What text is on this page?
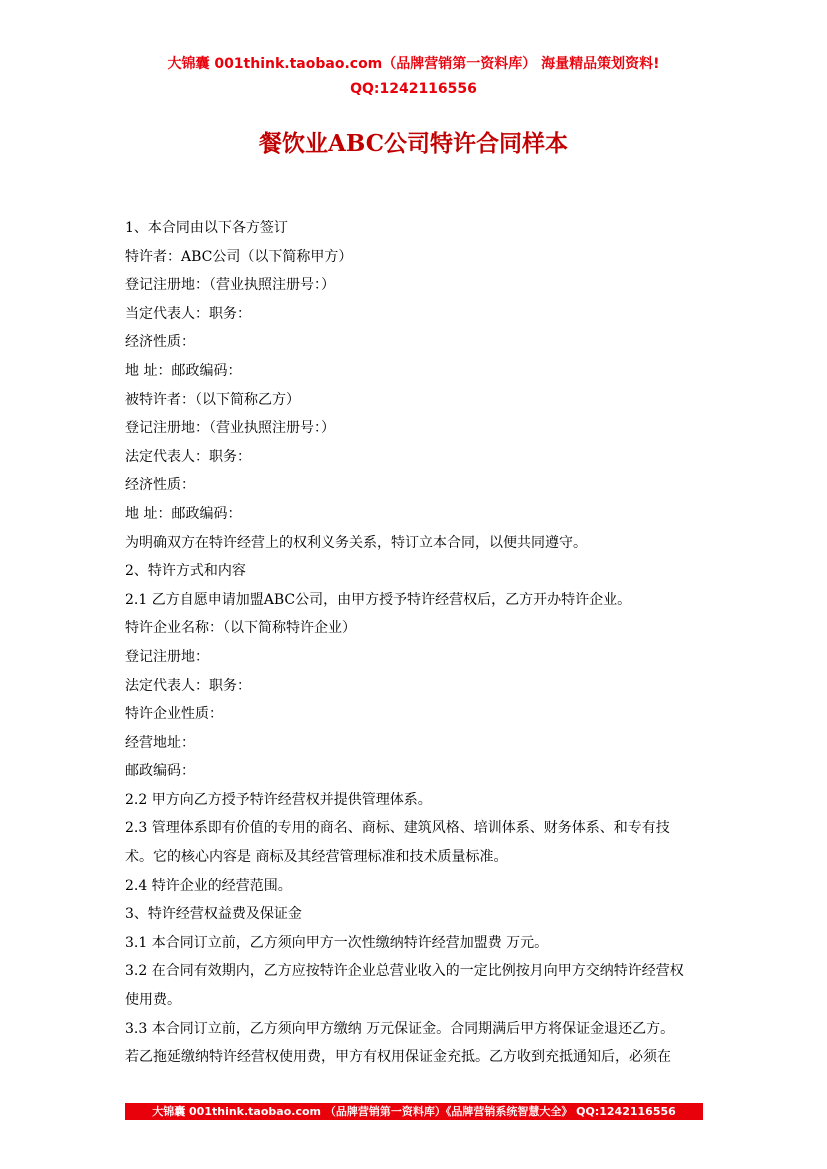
大锦囊 001think.taobao.com（品牌营销第一资料库） 海量精品策划资料!
QQ:1242116556
餐饮业ABC公司特许合同样本

1、本合同由以下各方签订

特许者：ABC公司（以下简称甲方）

登记注册地：（营业执照注册号：）

当定代表人：职务：

经济性质：

地 址：邮政编码：

被特许者：（以下简称乙方）

登记注册地：（营业执照注册号：）

法定代表人：职务：

经济性质：

地 址：邮政编码：

为明确双方在特许经营上的权利义务关系，特订立本合同，以便共同遵守。

2、特许方式和内容

2.1 乙方自愿申请加盟ABC公司，由甲方授予特许经营权后，乙方开办特许企业。

特许企业名称：（以下简称特许企业）

登记注册地：

法定代表人：职务：

特许企业性质：

经营地址：

邮政编码：

2.2 甲方向乙方授予特许经营权并提供管理体系。

2.3 管理体系即有价值的专用的商名、商标、建筑风格、培训体系、财务体系、和专有技

术。它的核心内容是 商标及其经营管理标准和技术质量标准。

2.4 特许企业的经营范围。

3、特许经营权益费及保证金

3.1 本合同订立前，乙方须向甲方一次性缴纳特许经营加盟费 万元。

3.2 在合同有效期内，乙方应按特许企业总营业收入的一定比例按月向甲方交纳特许经营权

使用费。

3.3 本合同订立前，乙方须向甲方缴纳 万元保证金。合同期满后甲方将保证金退还乙方。

若乙拖延缴纳特许经营权使用费，甲方有权用保证金充抵。乙方收到充抵通知后，必须在

大锦囊 001think.taobao.com （品牌营销第一资料库）《品牌营销系统智慧大全》 QQ:1242116556
